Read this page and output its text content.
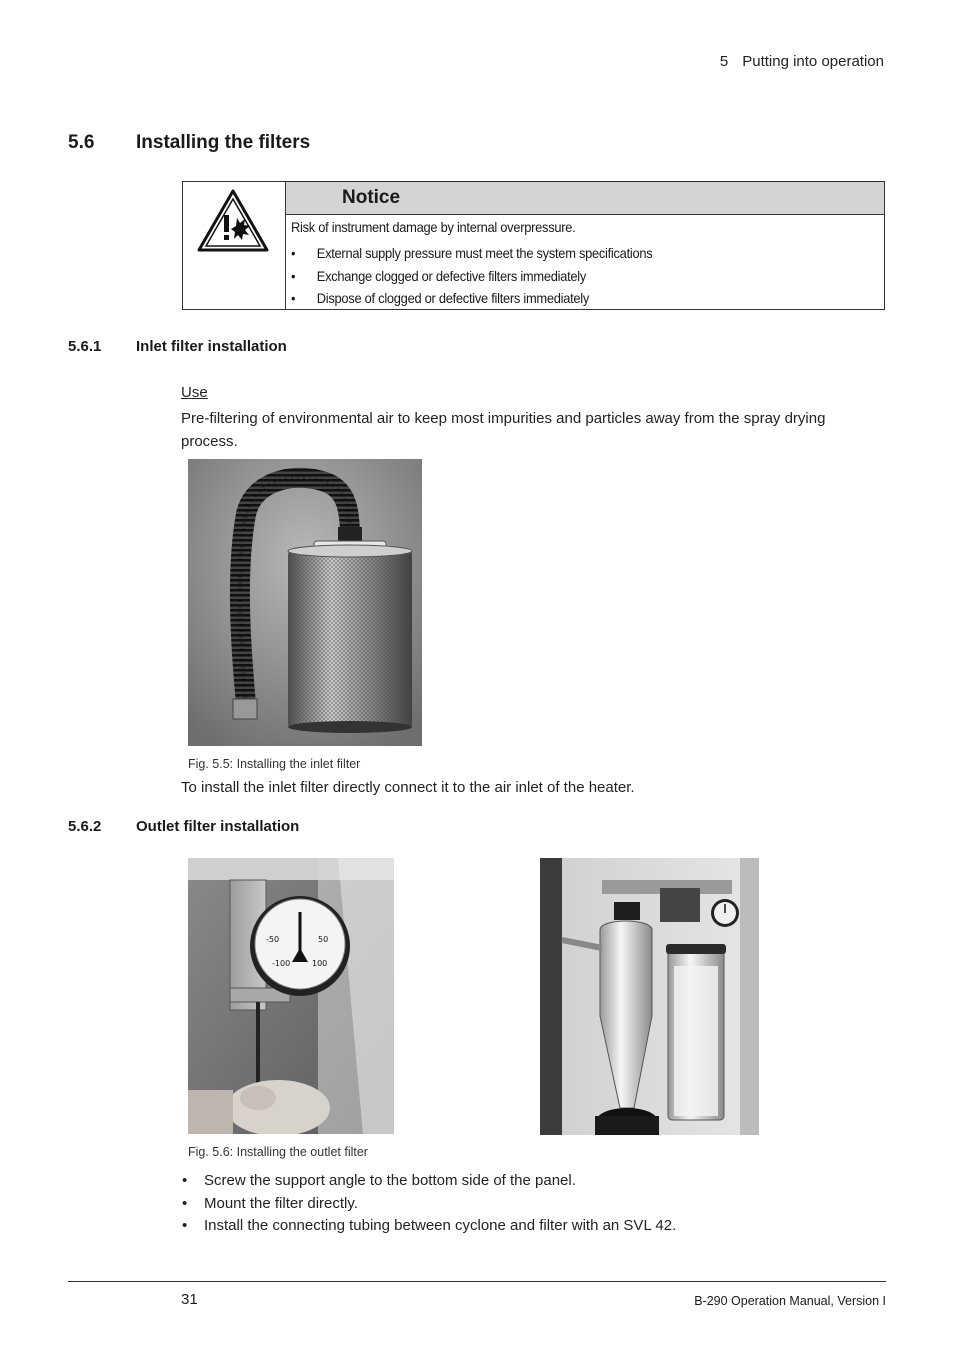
5 Putting into operation
5.6 Installing the filters
Notice

Risk of instrument damage by internal overpressure.

• External supply pressure must meet the system specifications
• Exchange clogged or defective filters immediately
• Dispose of clogged or defective filters immediately
5.6.1 Inlet filter installation
Use
Pre-filtering of environmental air to keep most impurities and particles away from the spray drying process.
Fig. 5.5: Installing the inlet filter
To install the inlet filter directly connect it to the air inlet of the heater.
5.6.2 Outlet filter installation
-50	50
-100	100
Fig. 5.6: Installing the outlet filter
• Screw the support angle to the bottom side of the panel.
• Mount the filter directly.
• Install the connecting tubing between cyclone and filter with an SVL 42.
31	B-290 Operation Manual, Version I
